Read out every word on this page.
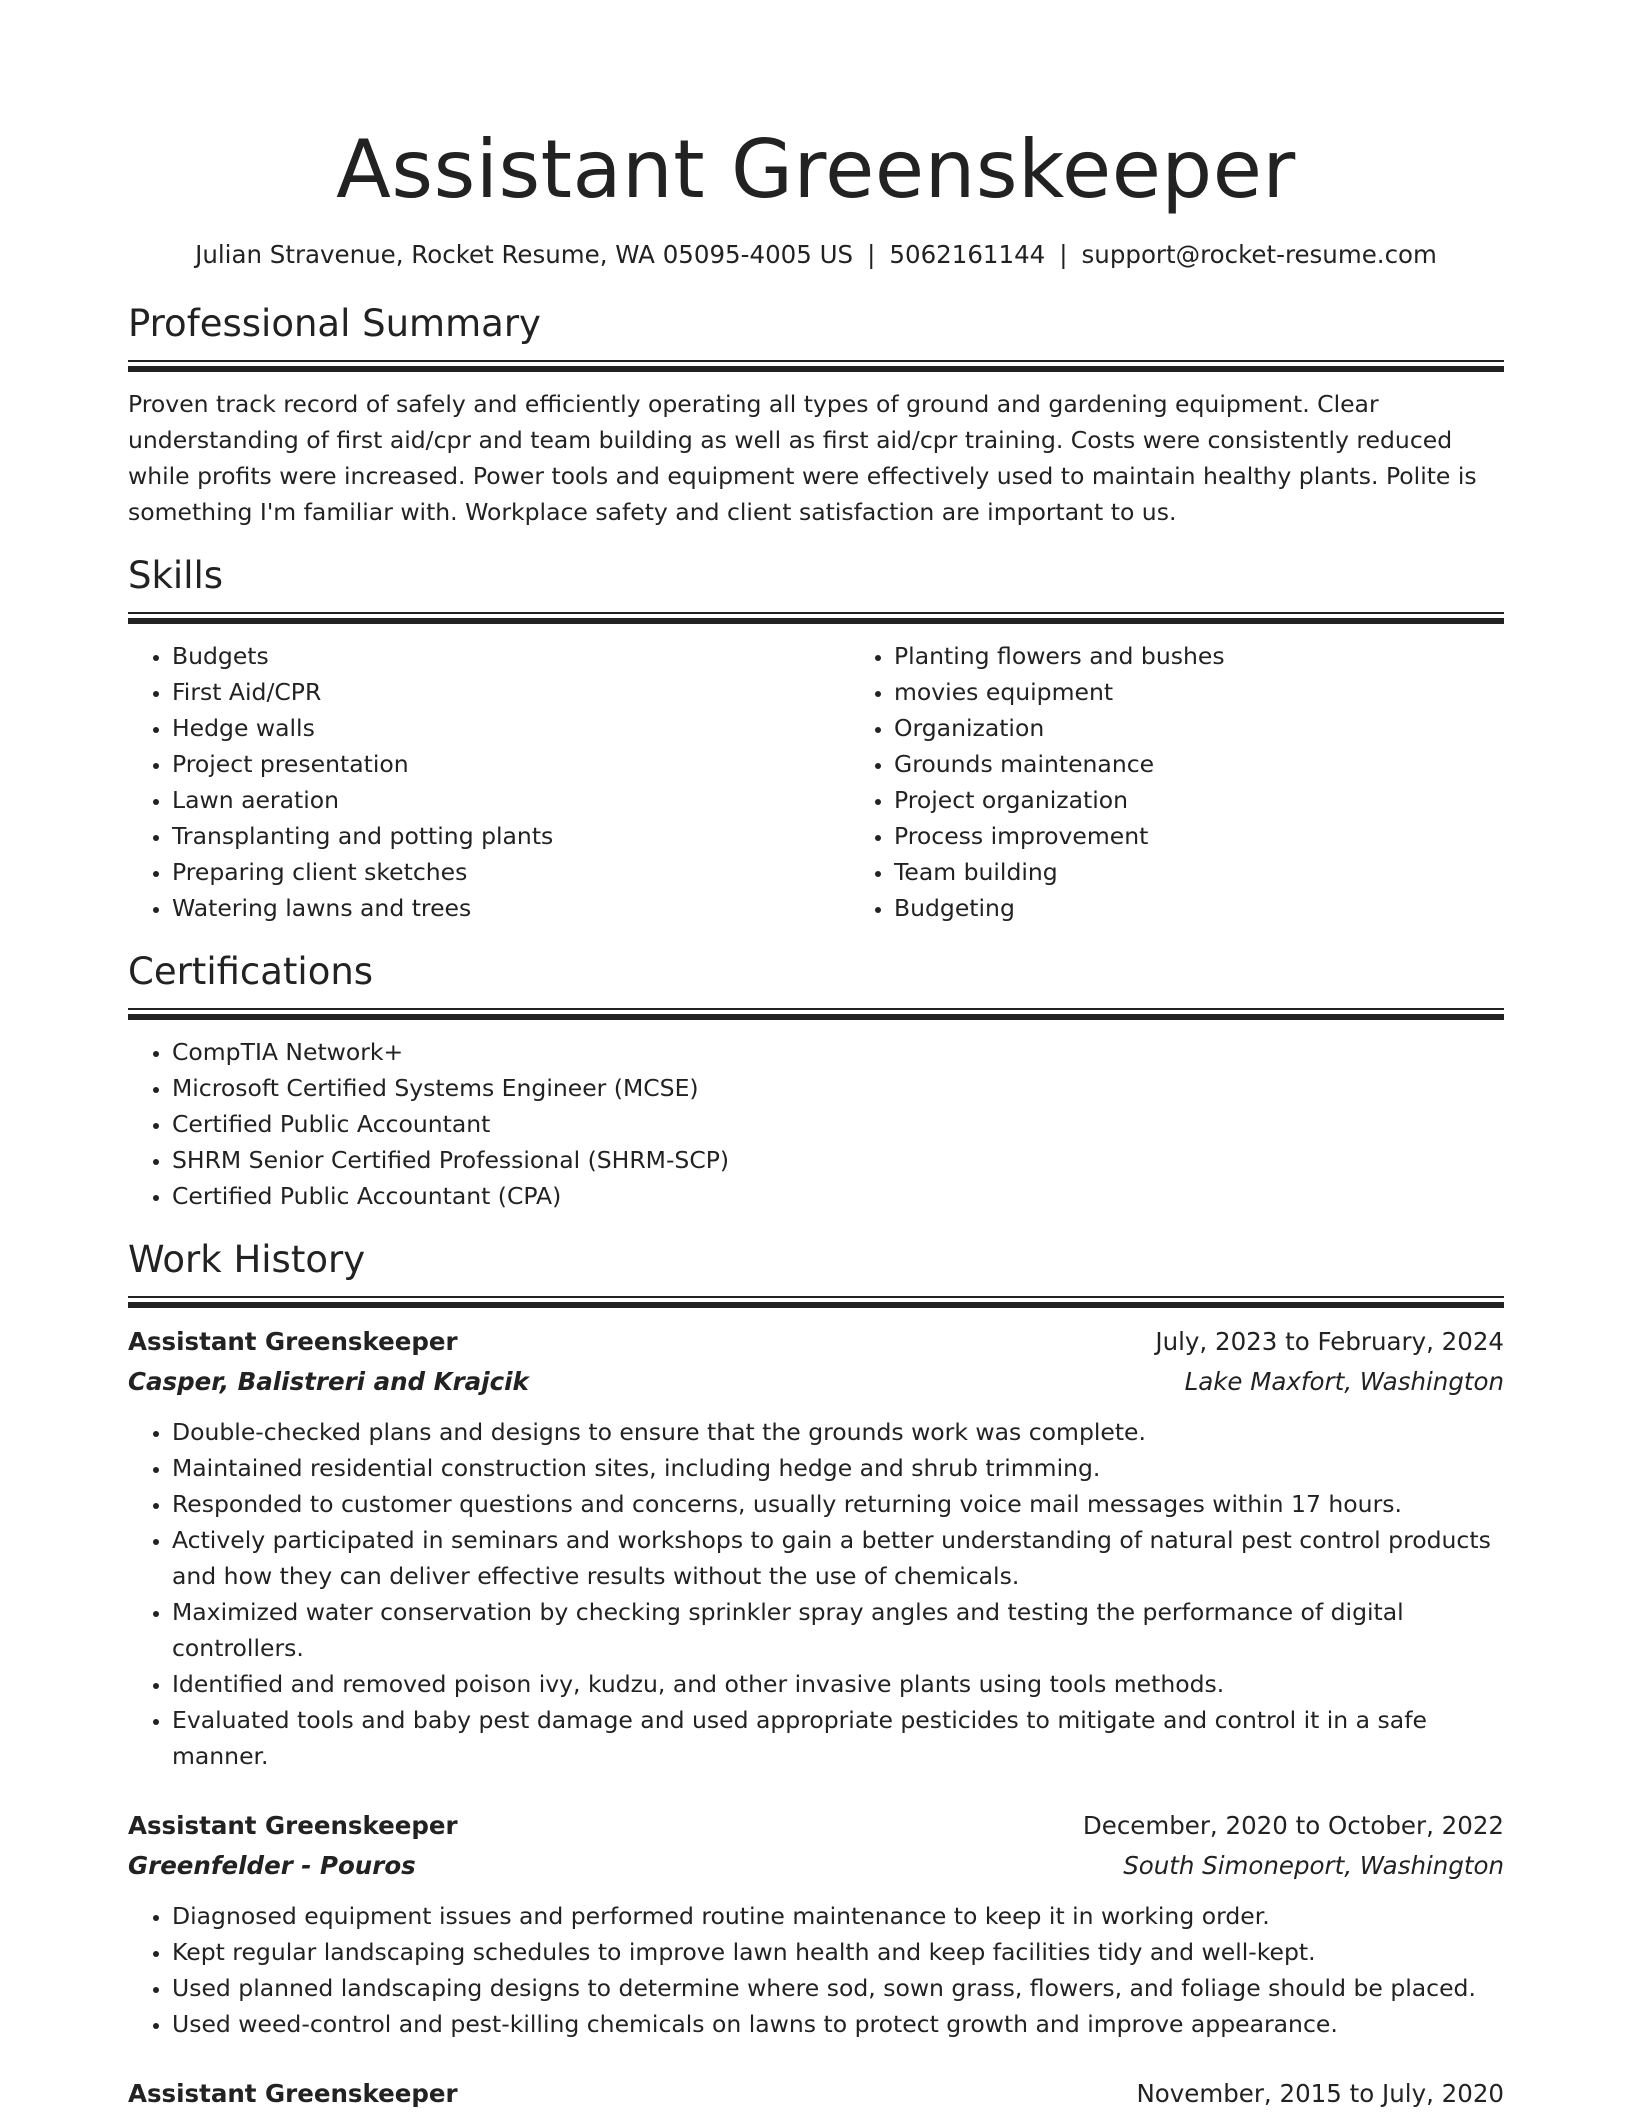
Assistant Greenskeeper
Julian Stravenue, Rocket Resume, WA 05095-4005 US | 5062161144 | support@rocket-resume.com
Professional Summary

Proven track record of safely and efficiently operating all types of ground and gardening equipment. Clear understanding of first aid/cpr and team building as well as first aid/cpr training. Costs were consistently reduced while profits were increased. Power tools and equipment were effectively used to maintain healthy plants. Polite is something I'm familiar with. Workplace safety and client satisfaction are important to us.

Skills
• Budgets
• First Aid/CPR
• Hedge walls
• Project presentation
• Lawn aeration
• Transplanting and potting plants
• Preparing client sketches
• Watering lawns and trees
• Planting flowers and bushes
• movies equipment
• Organization
• Grounds maintenance
• Project organization
• Process improvement
• Team building
• Budgeting
Certifications
• CompTIA Network+
• Microsoft Certified Systems Engineer (MCSE)
• Certified Public Accountant
• SHRM Senior Certified Professional (SHRM-SCP)
• Certified Public Accountant (CPA)
Work History
Assistant Greenskeeper	July, 2023 to February, 2024
Casper, Balistreri and Krajcik	Lake Maxfort, Washington
• Double-checked plans and designs to ensure that the grounds work was complete.
• Maintained residential construction sites, including hedge and shrub trimming.
• Responded to customer questions and concerns, usually returning voice mail messages within 17 hours.
• Actively participated in seminars and workshops to gain a better understanding of natural pest control products and how they can deliver effective results without the use of chemicals.
• Maximized water conservation by checking sprinkler spray angles and testing the performance of digital controllers.
• Identified and removed poison ivy, kudzu, and other invasive plants using tools methods.
• Evaluated tools and baby pest damage and used appropriate pesticides to mitigate and control it in a safe manner.
Assistant Greenskeeper	December, 2020 to October, 2022
Greenfelder - Pouros	South Simoneport, Washington
• Diagnosed equipment issues and performed routine maintenance to keep it in working order.
• Kept regular landscaping schedules to improve lawn health and keep facilities tidy and well-kept.
• Used planned landscaping designs to determine where sod, sown grass, flowers, and foliage should be placed.
• Used weed-control and pest-killing chemicals on lawns to protect growth and improve appearance.
Assistant Greenskeeper	November, 2015 to July, 2020
